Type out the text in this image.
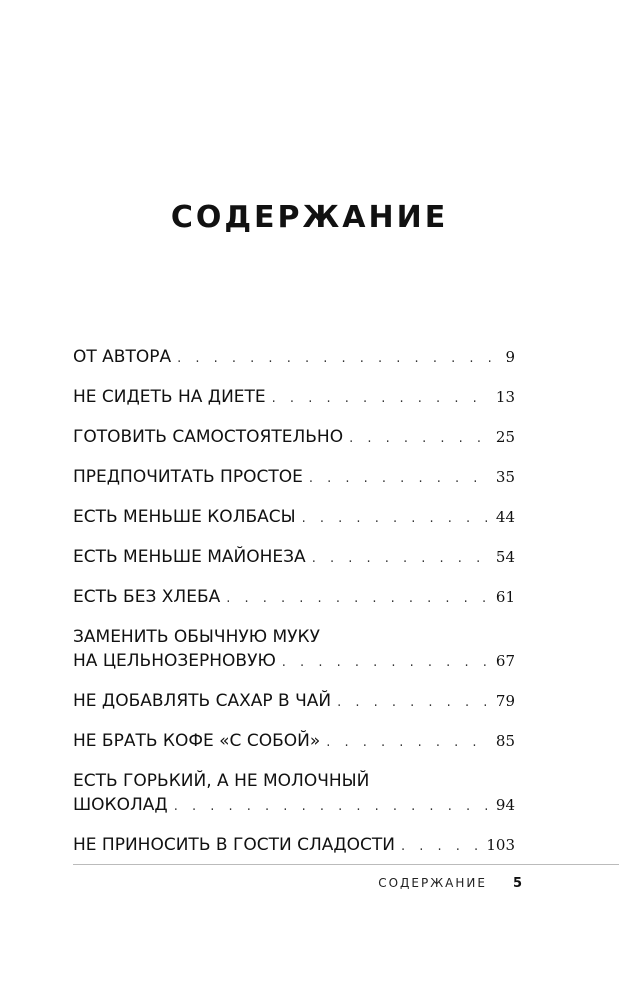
СОДЕРЖАНИЕ
ОТ АВТОРА . . .	9
НЕ СИДЕТЬ НА ДИЕТЕ . . .	13
ГОТОВИТЬ САМОСТОЯТЕЛЬНО . . .	25
ПРЕДПОЧИТАТЬ ПРОСТОЕ . . .	35
ЕСТЬ МЕНЬШЕ КОЛБАСЫ . . .	44
ЕСТЬ МЕНЬШЕ МАЙОНЕЗА . . .	54
ЕСТЬ БЕЗ ХЛЕБА . . .	61
ЗАМЕНИТЬ ОБЫЧНУЮ МУКУ
НА ЦЕЛЬНОЗЕРНОВУЮ . . .	67
НЕ ДОБАВЛЯТЬ САХАР В ЧАЙ . . .	79
НЕ БРАТЬ КОФЕ «С СОБОЙ» . . .	85
ЕСТЬ ГОРЬКИЙ, А НЕ МОЛОЧНЫЙ
ШОКОЛАД . . .	94
НЕ ПРИНОСИТЬ В ГОСТИ СЛАДОСТИ . . .	103
СОДЕРЖАНИЕ 5
